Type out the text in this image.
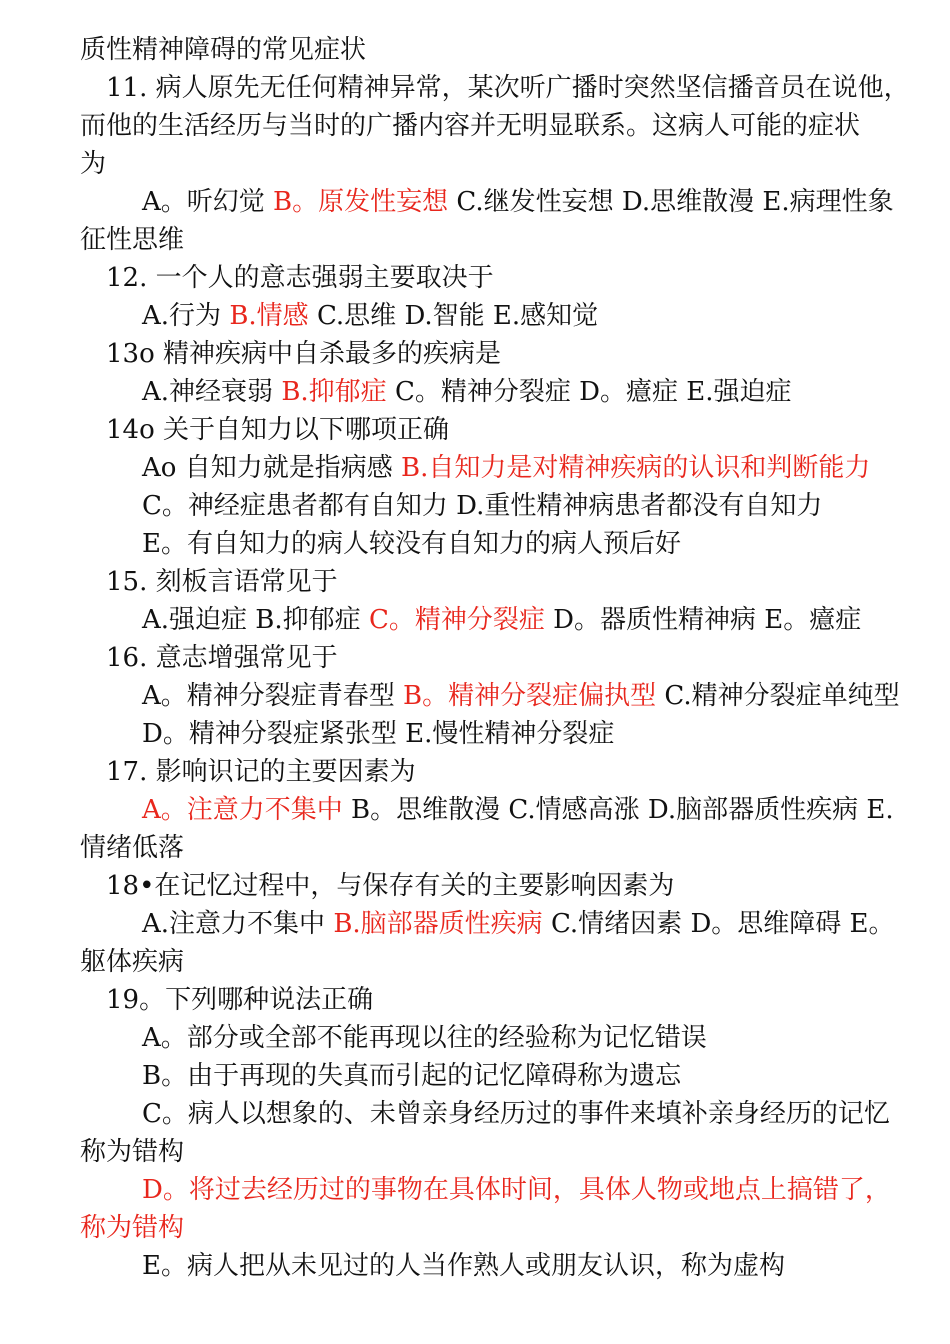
质性精神障碍的常见症状
11. 病人原先无任何精神异常，某次听广播时突然坚信播音员在说他，
而他的生活经历与当时的广播内容并无明显联系。这病人可能的症状
为
A。听幻觉 B。原发性妄想 C.继发性妄想 D.思维散漫 E.病理性象
征性思维
12. 一个人的意志强弱主要取决于
A.行为 B.情感 C.思维 D.智能 E.感知觉
13o 精神疾病中自杀最多的疾病是
A.神经衰弱 B.抑郁症 C。精神分裂症 D。癔症 E.强迫症
14o 关于自知力以下哪项正确
Ao 自知力就是指病感 B.自知力是对精神疾病的认识和判断能力
C。神经症患者都有自知力 D.重性精神病患者都没有自知力
E。有自知力的病人较没有自知力的病人预后好
15. 刻板言语常见于
A.强迫症 B.抑郁症 C。精神分裂症 D。器质性精神病 E。癔症
16. 意志增强常见于
A。精神分裂症青春型 B。精神分裂症偏执型 C.精神分裂症单纯型
D。精神分裂症紧张型 E.慢性精神分裂症
17. 影响识记的主要因素为
A。注意力不集中 B。思维散漫 C.情感高涨 D.脑部器质性疾病 E.
情绪低落
18•在记忆过程中，与保存有关的主要影响因素为
A.注意力不集中 B.脑部器质性疾病 C.情绪因素 D。思维障碍 E。
躯体疾病
19。下列哪种说法正确
A。部分或全部不能再现以往的经验称为记忆错误
B。由于再现的失真而引起的记忆障碍称为遗忘
C。病人以想象的、未曾亲身经历过的事件来填补亲身经历的记忆
称为错构
D。将过去经历过的事物在具体时间，具体人物或地点上搞错了，
称为错构
E。病人把从未见过的人当作熟人或朋友认识，称为虚构
